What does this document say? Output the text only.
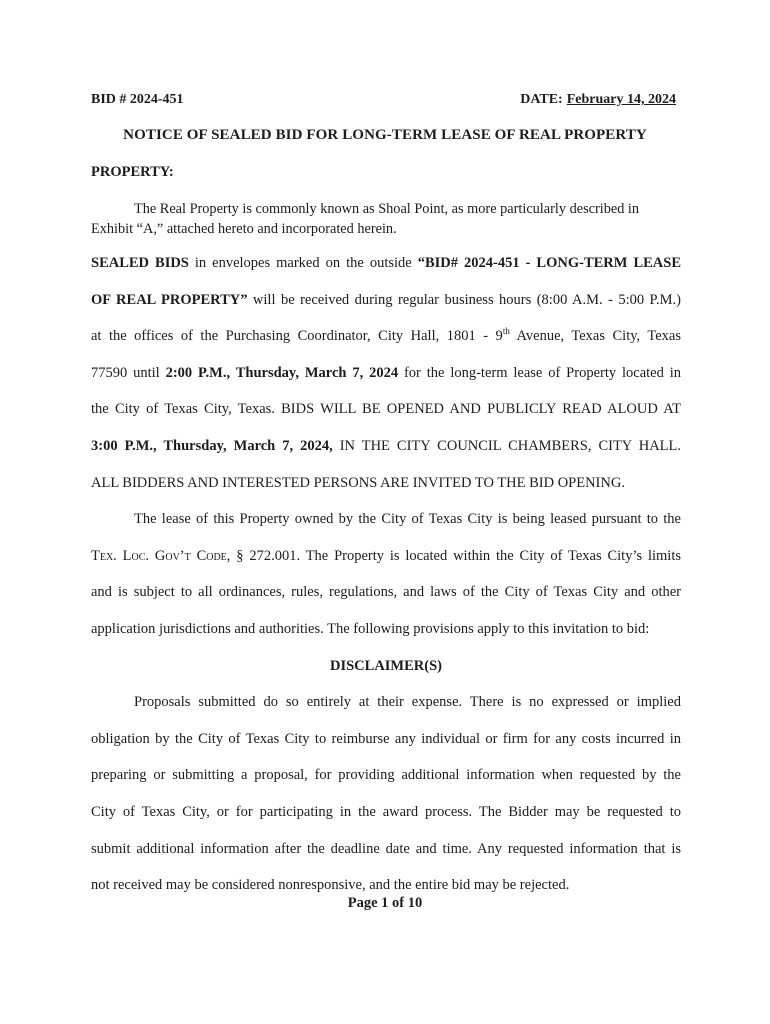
BID # 2024-451	DATE: February 14, 2024
NOTICE OF SEALED BID FOR LONG-TERM LEASE OF REAL PROPERTY
PROPERTY:
The Real Property is commonly known as Shoal Point, as more particularly described in Exhibit “A,” attached hereto and incorporated herein.
SEALED BIDS in envelopes marked on the outside “BID# 2024-451 - LONG-TERM LEASE
OF REAL PROPERTY” will be received during regular business hours (8:00 A.M. - 5:00 P.M.)
at the offices of the Purchasing Coordinator, City Hall, 1801 - 9th Avenue, Texas City, Texas
77590 until 2:00 P.M., Thursday, March 7, 2024 for the long-term lease of Property located in
the City of Texas City, Texas. BIDS WILL BE OPENED AND PUBLICLY READ ALOUD AT
3:00 P.M., Thursday, March 7, 2024, IN THE CITY COUNCIL CHAMBERS, CITY HALL.
ALL BIDDERS AND INTERESTED PERSONS ARE INVITED TO THE BID OPENING.
The lease of this Property owned by the City of Texas City is being leased pursuant to the
Tex. Loc. Gov’t Code, § 272.001. The Property is located within the City of Texas City’s limits
and is subject to all ordinances, rules, regulations, and laws of the City of Texas City and other
application jurisdictions and authorities. The following provisions apply to this invitation to bid:
DISCLAIMER(S)
Proposals submitted do so entirely at their expense. There is no expressed or implied
obligation by the City of Texas City to reimburse any individual or firm for any costs incurred in
preparing or submitting a proposal, for providing additional information when requested by the
City of Texas City, or for participating in the award process. The Bidder may be requested to
submit additional information after the deadline date and time. Any requested information that is
not received may be considered nonresponsive, and the entire bid may be rejected.
Page 1 of 10
